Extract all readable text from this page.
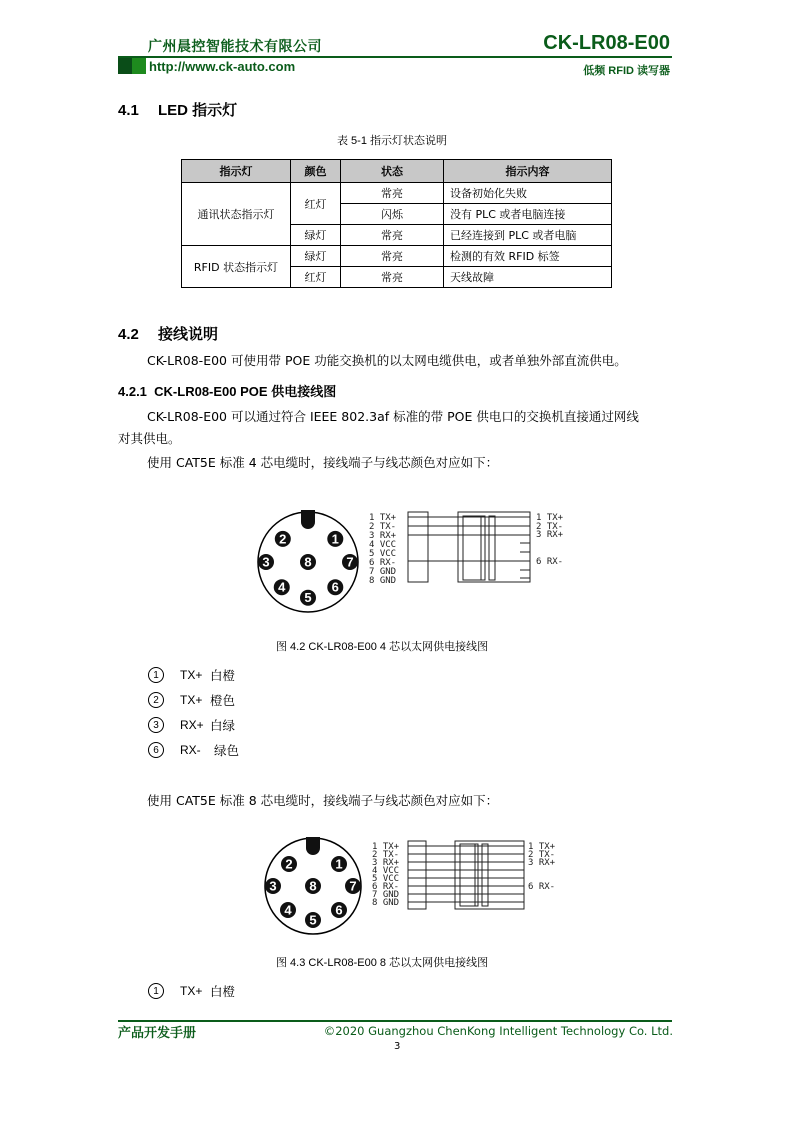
广州晨控智能技术有限公司	CK-LR08-E00
http://www.ck-auto.com	低频 RFID 读写器
4.1 LED 指示灯
表 5-1 指示灯状态说明
指示灯	颜色	状态	指示内容
通讯状态指示灯	红灯	常亮	设备初始化失败
		闪烁	没有 PLC 或者电脑连接
	绿灯	常亮	已经连接到 PLC 或者电脑
RFID 状态指示灯	绿灯	常亮	检测的有效 RFID 标签
	红灯	常亮	天线故障
4.2 接线说明
CK-LR08-E00 可使用带 POE 功能交换机的以太网电缆供电，或者单独外部直流供电。
4.2.1 CK-LR08-E00 POE 供电接线图
CK-LR08-E00 可以通过符合 IEEE 802.3af 标准的带 POE 供电口的交换机直接通过网线
对其供电。
使用 CAT5E 标准 4 芯电缆时，接线端子与线芯颜色对应如下：
1
2
3
4
5
6
7
8
1 TX+
2 TX-
3 RX+
4 VCC
5 VCC
6 RX-
7 GND
8 GND
1 TX+
2 TX-
3 RX+
6 RX-
图 4.2 CK-LR08-E00 4 芯以太网供电接线图
1	TX+ 白橙
2	TX+ 橙色
3	RX+ 白绿
6	RX- 绿色
使用 CAT5E 标准 8 芯电缆时，接线端子与线芯颜色对应如下：
1
2
3
4
5
6
7
8
1 TX+
2 TX-
3 RX+
4 VCC
5 VCC
6 RX-
7 GND
8 GND
1 TX+
2 TX-
3 RX+
6 RX-
图 4.3 CK-LR08-E00 8 芯以太网供电接线图
1	TX+ 白橙
产品开发手册	©2020 Guangzhou ChenKong Intelligent Technology Co. Ltd.
3
